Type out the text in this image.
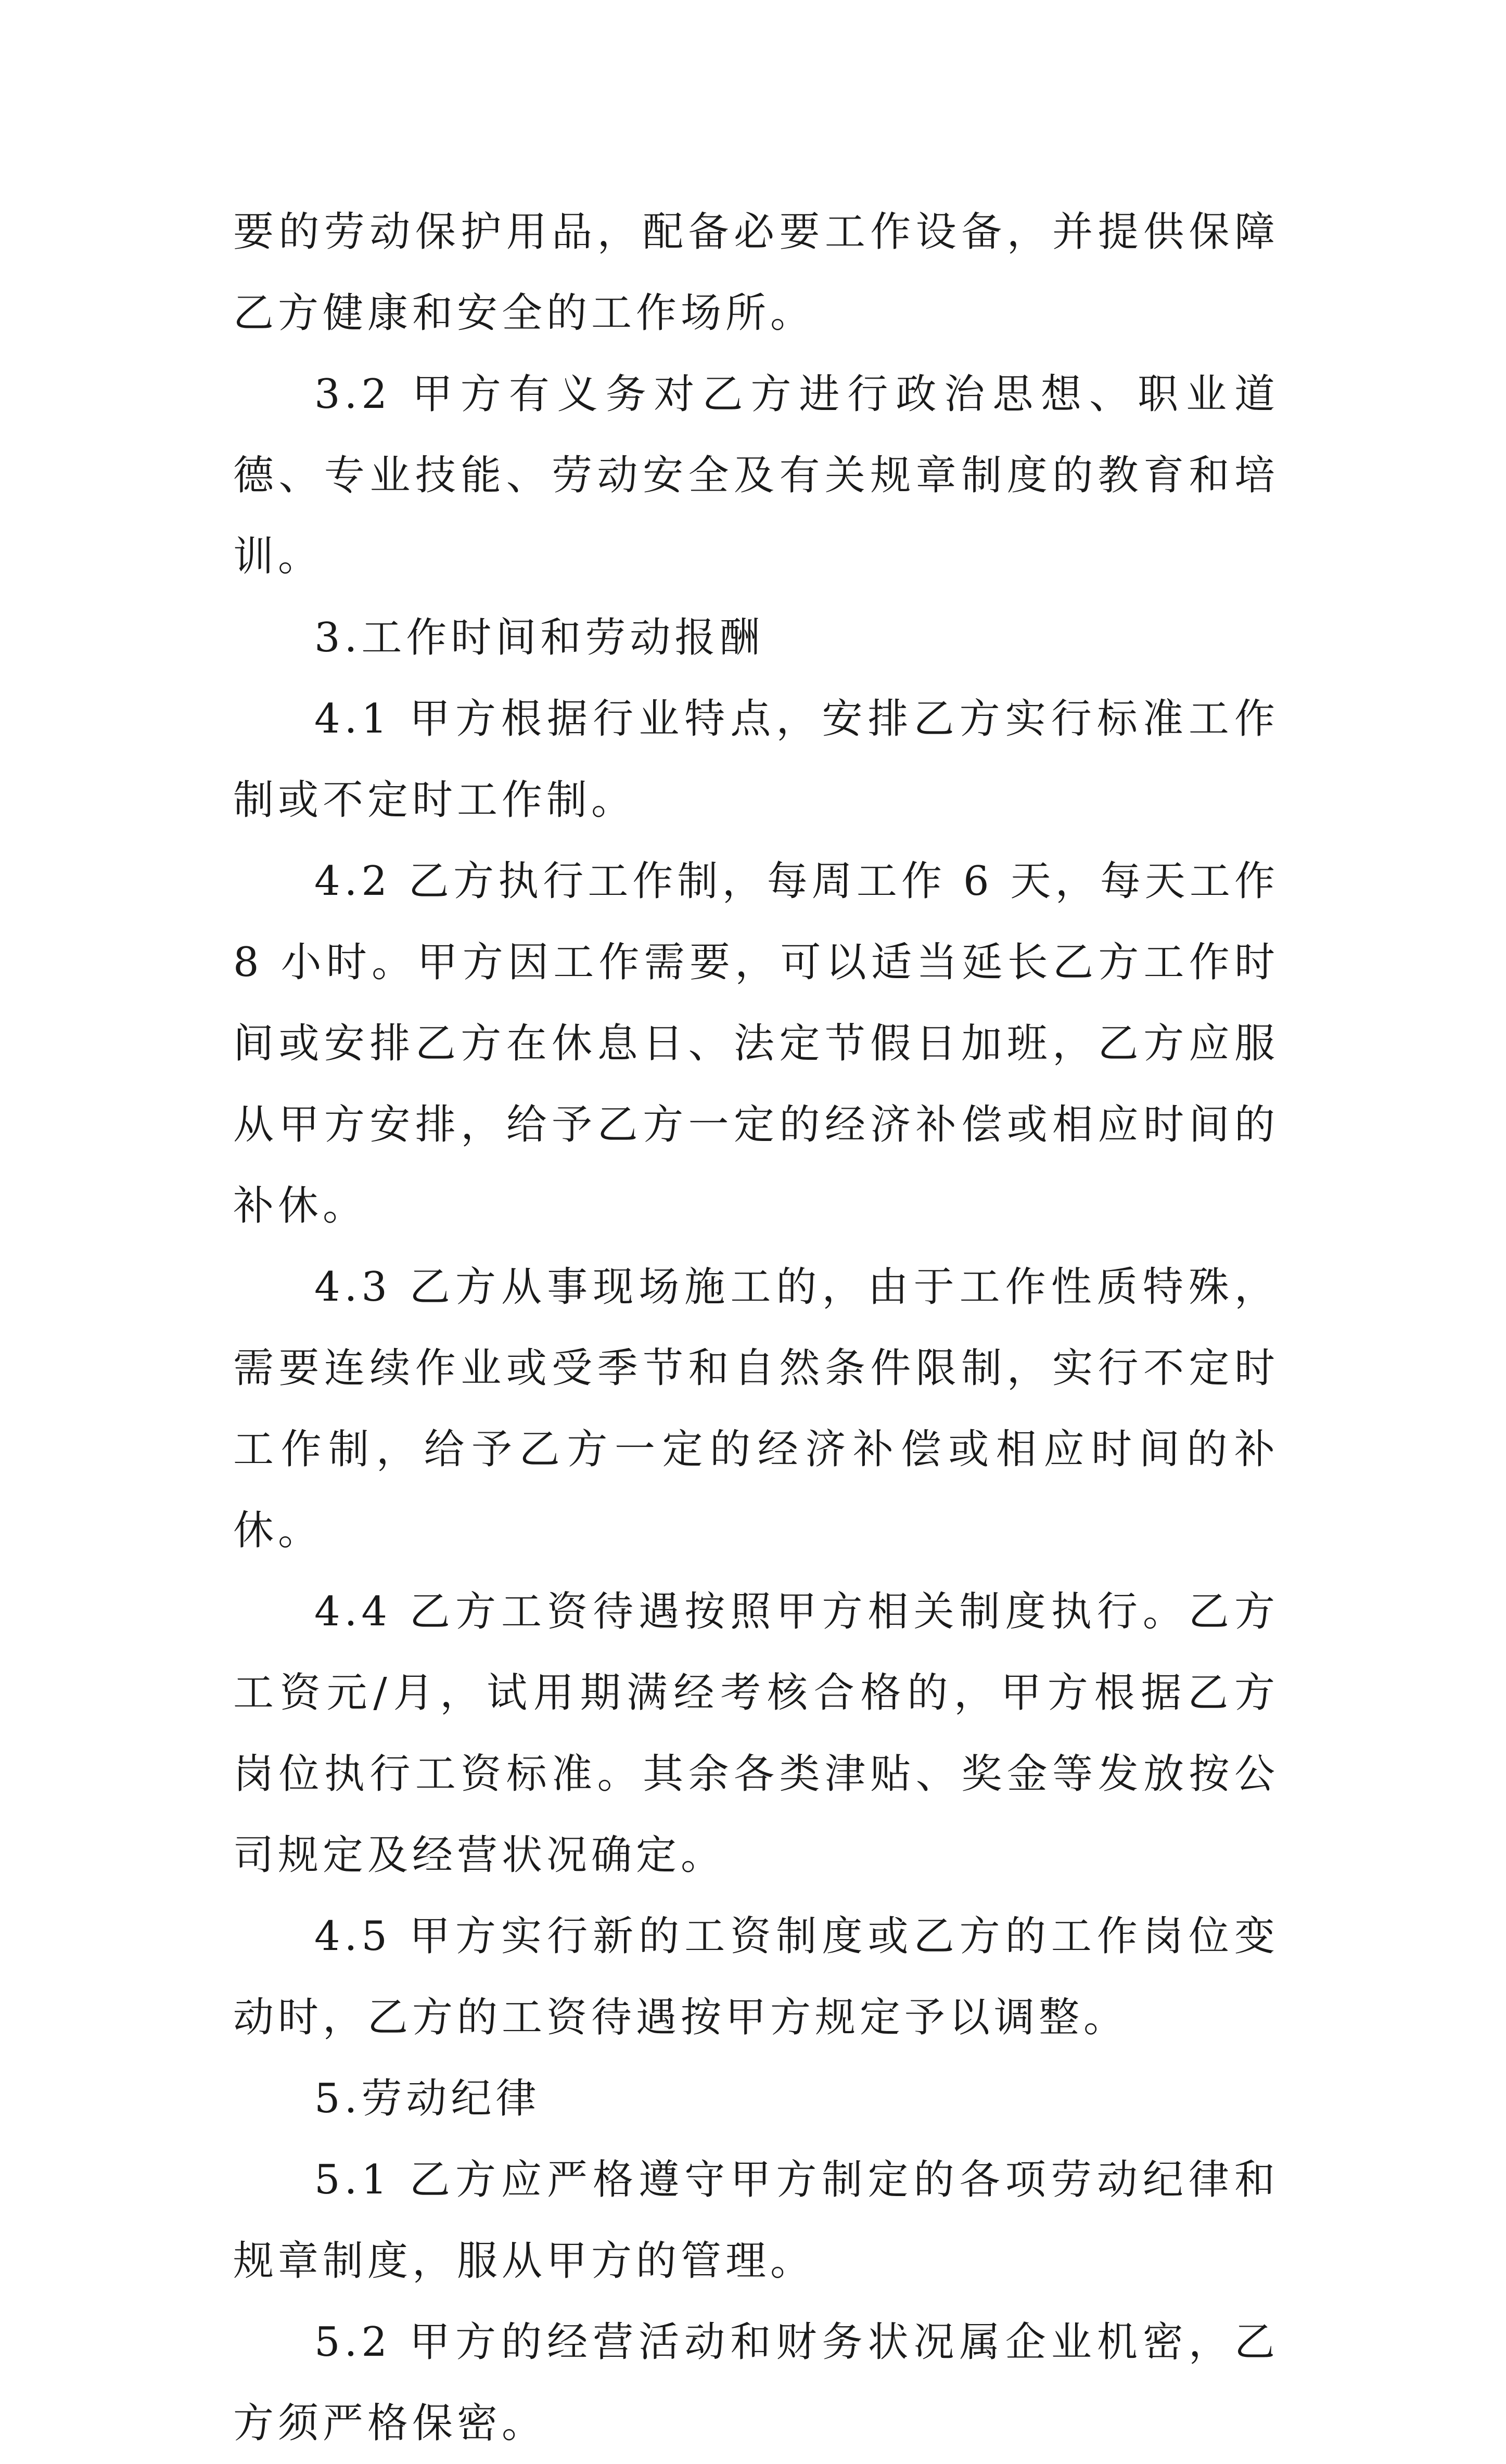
要的劳动保护用品，配备必要工作设备，并提供保障乙方健康和安全的工作场所。

3.2 甲方有义务对乙方进行政治思想、职业道德、专业技能、劳动安全及有关规章制度的教育和培训。

3.工作时间和劳动报酬

4.1 甲方根据行业特点，安排乙方实行标准工作制或不定时工作制。

4.2 乙方执行工作制，每周工作 6 天，每天工作 8 小时。甲方因工作需要，可以适当延长乙方工作时间或安排乙方在休息日、法定节假日加班，乙方应服从甲方安排，给予乙方一定的经济补偿或相应时间的补休。

4.3 乙方从事现场施工的，由于工作性质特殊，需要连续作业或受季节和自然条件限制，实行不定时工作制，给予乙方一定的经济补偿或相应时间的补休。

4.4 乙方工资待遇按照甲方相关制度执行。乙方工资元/月，试用期满经考核合格的，甲方根据乙方岗位执行工资标准。其余各类津贴、奖金等发放按公司规定及经营状况确定。

4.5 甲方实行新的工资制度或乙方的工作岗位变动时，乙方的工资待遇按甲方规定予以调整。

5.劳动纪律

5.1 乙方应严格遵守甲方制定的各项劳动纪律和规章制度，服从甲方的管理。

5.2 甲方的经营活动和财务状况属企业机密，乙方须严格保密。
